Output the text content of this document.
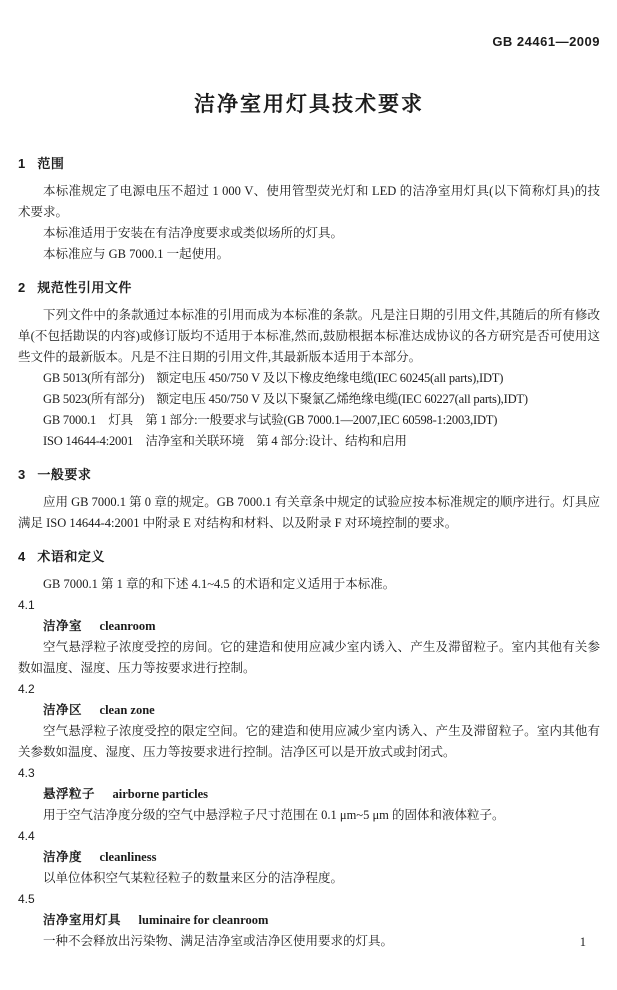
GB 24461—2009
洁净室用灯具技术要求
1 范围

本标准规定了电源电压不超过 1 000 V、使用管型荧光灯和 LED 的洁净室用灯具(以下简称灯具)的技术要求。

本标准适用于安装在有洁净度要求或类似场所的灯具。

本标准应与 GB 7000.1 一起使用。

2 规范性引用文件

下列文件中的条款通过本标准的引用而成为本标准的条款。凡是注日期的引用文件,其随后的所有修改单(不包括勘误的内容)或修订版均不适用于本标准,然而,鼓励根据本标准达成协议的各方研究是否可使用这些文件的最新版本。凡是不注日期的引用文件,其最新版本适用于本部分。

GB 5013(所有部分)　额定电压 450/750 V 及以下橡皮绝缘电缆(IEC 60245(all parts),IDT)

GB 5023(所有部分)　额定电压 450/750 V 及以下聚氯乙烯绝缘电缆(IEC 60227(all parts),IDT)

GB 7000.1　灯具　第 1 部分:一般要求与试验(GB 7000.1—2007,IEC 60598-1:2003,IDT)

ISO 14644-4:2001　洁净室和关联环境　第 4 部分:设计、结构和启用

3 一般要求

应用 GB 7000.1 第 0 章的规定。GB 7000.1 有关章条中规定的试验应按本标准规定的顺序进行。灯具应满足 ISO 14644-4:2001 中附录 E 对结构和材料、以及附录 F 对环境控制的要求。

4 术语和定义

GB 7000.1 第 1 章的和下述 4.1~4.5 的术语和定义适用于本标准。

4.1

洁净室 cleanroom

空气悬浮粒子浓度受控的房间。它的建造和使用应减少室内诱入、产生及滞留粒子。室内其他有关参数如温度、湿度、压力等按要求进行控制。

4.2

洁净区 clean zone

空气悬浮粒子浓度受控的限定空间。它的建造和使用应减少室内诱入、产生及滞留粒子。室内其他有关参数如温度、湿度、压力等按要求进行控制。洁净区可以是开放式或封闭式。

4.3

悬浮粒子 airborne particles

用于空气洁净度分级的空气中悬浮粒子尺寸范围在 0.1 μm~5 μm 的固体和液体粒子。

4.4

洁净度 cleanliness

以单位体积空气某粒径粒子的数量来区分的洁净程度。

4.5

洁净室用灯具 luminaire for cleanroom

一种不会释放出污染物、满足洁净室或洁净区使用要求的灯具。	1
